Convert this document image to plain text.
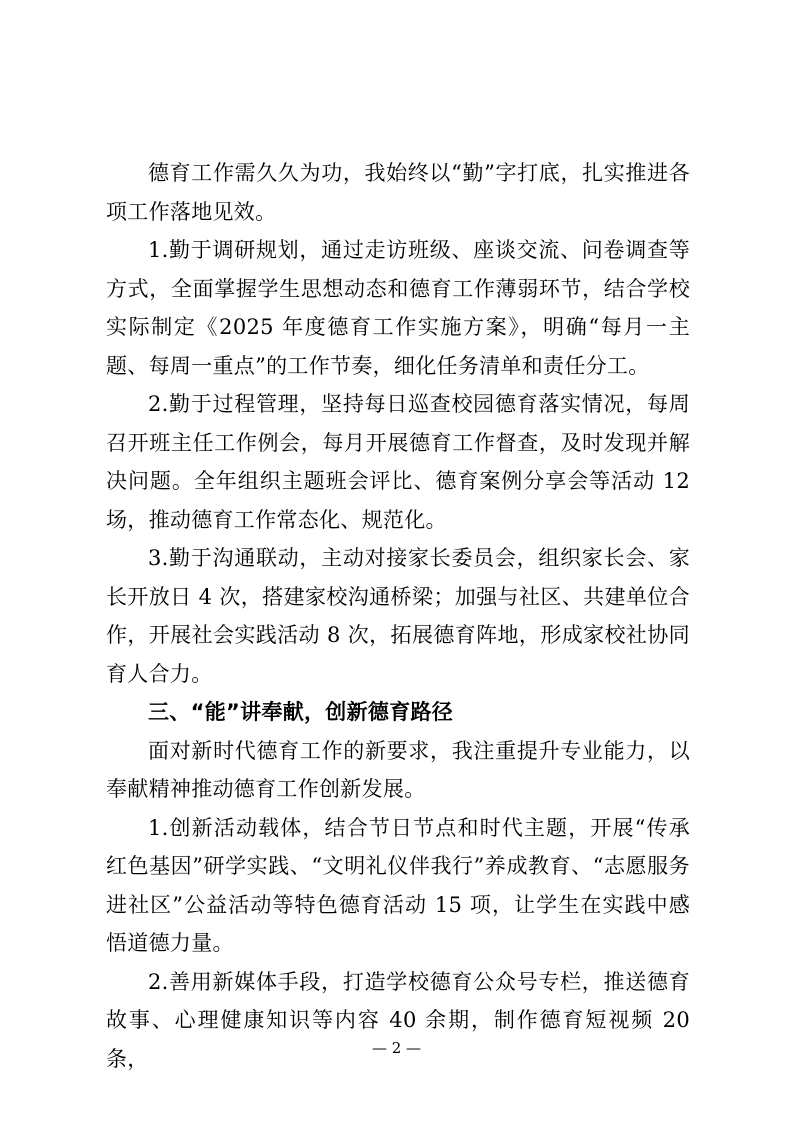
德育工作需久久为功，我始终以“勤”字打底，扎实推进各项工作落地见效。

1.勤于调研规划，通过走访班级、座谈交流、问卷调查等方式，全面掌握学生思想动态和德育工作薄弱环节，结合学校实际制定《2025 年度德育工作实施方案》，明确“每月一主题、每周一重点”的工作节奏，细化任务清单和责任分工。

2.勤于过程管理，坚持每日巡查校园德育落实情况，每周召开班主任工作例会，每月开展德育工作督查，及时发现并解决问题。全年组织主题班会评比、德育案例分享会等活动 12 场，推动德育工作常态化、规范化。

3.勤于沟通联动，主动对接家长委员会，组织家长会、家长开放日 4 次，搭建家校沟通桥梁；加强与社区、共建单位合作，开展社会实践活动 8 次，拓展德育阵地，形成家校社协同育人合力。

三、“能”讲奉献，创新德育路径

面对新时代德育工作的新要求，我注重提升专业能力，以奉献精神推动德育工作创新发展。

1.创新活动载体，结合节日节点和时代主题，开展“传承红色基因”研学实践、“文明礼仪伴我行”养成教育、“志愿服务进社区”公益活动等特色德育活动 15 项，让学生在实践中感悟道德力量。

2.善用新媒体手段，打造学校德育公众号专栏，推送德育故事、心理健康知识等内容 40 余期，制作德育短视频 20 条，	— 2 —
